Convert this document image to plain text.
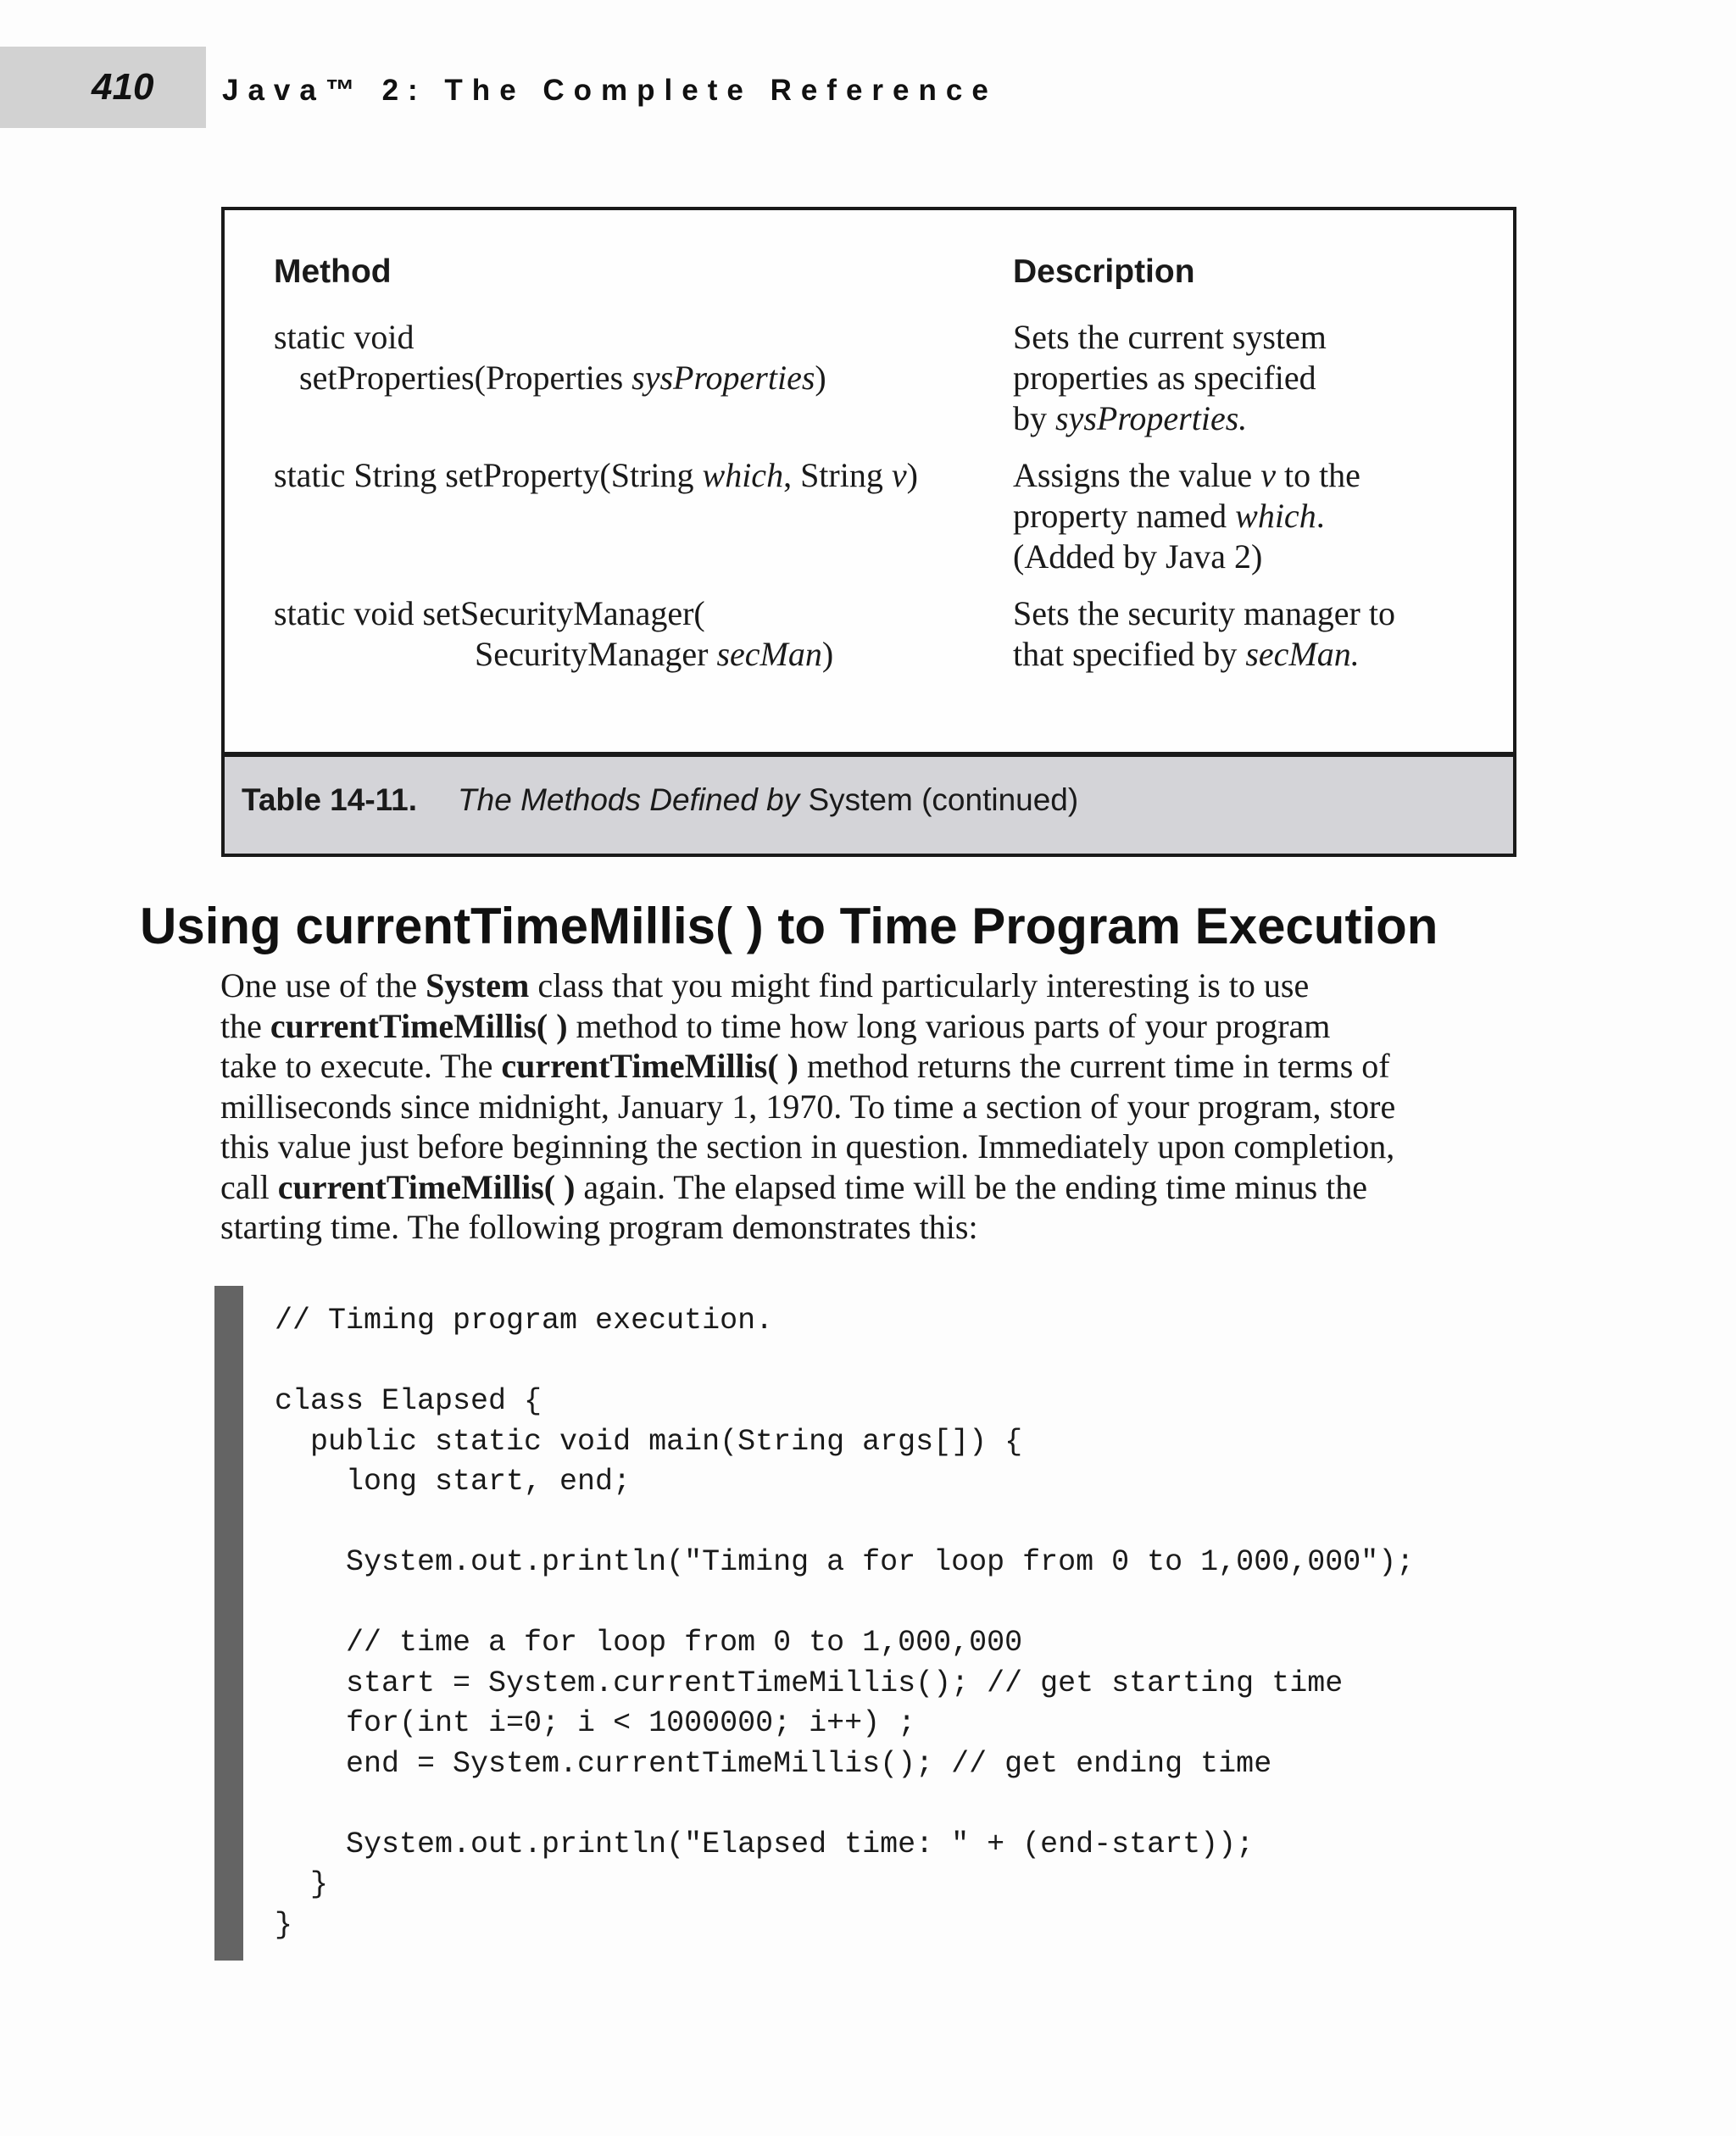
410 Java™ 2: The Complete Reference
Method	Description
static void
setProperties(Properties sysProperties)
Sets the current system
properties as specified
by sysProperties.
static String setProperty(String which, String v)	Assigns the value v to the
property named which.
(Added by Java 2)
static void setSecurityManager(
SecurityManager secMan)
Sets the security manager to
that specified by secMan.
Table 14-11. The Methods Defined by System (continued)
Using currentTimeMillis( ) to Time Program Execution
One use of the System class that you might find particularly interesting is to use
the currentTimeMillis( ) method to time how long various parts of your program
take to execute. The currentTimeMillis( ) method returns the current time in terms of
milliseconds since midnight, January 1, 1970. To time a section of your program, store
this value just before beginning the section in question. Immediately upon completion,
call currentTimeMillis( ) again. The elapsed time will be the ending time minus the
starting time. The following program demonstrates this:
// Timing program execution.
class Elapsed {
public static void main(String args[]) {
long start, end;
System.out.println("Timing a for loop from 0 to 1,000,000");
// time a for loop from 0 to 1,000,000
start = System.currentTimeMillis(); // get starting time
for(int i=0; i < 1000000; i++) ;
end = System.currentTimeMillis(); // get ending time
System.out.println("Elapsed time: " + (end-start));
}
}
